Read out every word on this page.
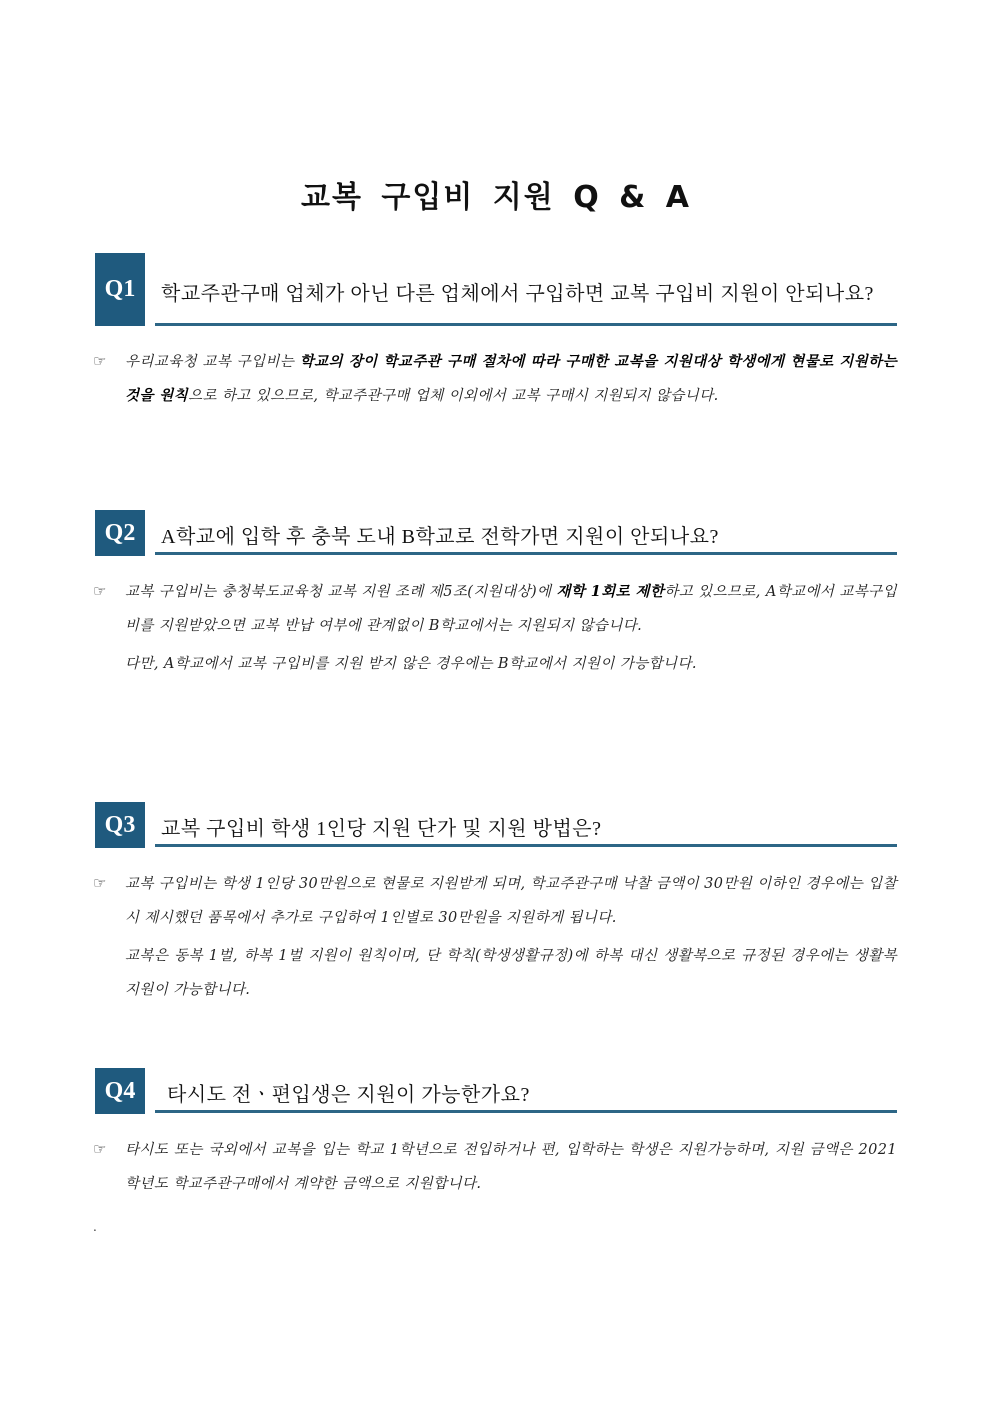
교복 구입비 지원 Q & A
Q1	학교주관구매 업체가 아닌 다른 업체에서 구입하면 교복 구입비 지원이 안되나요?
☞	우리교육청 교복 구입비는 학교의 장이 학교주관 구매 절차에 따라 구매한 교복을 지원대상 학생에게 현물로 지원하는 것을 원칙으로 하고 있으므로, 학교주관구매 업체 이외에서 교복 구매시 지원되지 않습니다.
Q2	A학교에 입학 후 충북 도내 B학교로 전학가면 지원이 안되나요?
☞	교복 구입비는 충청북도교육청 교복 지원 조례 제5조(지원대상)에 재학 1회로 제한하고 있으므로, A학교에서 교복구입비를 지원받았으면 교복 반납 여부에 관계없이 B학교에서는 지원되지 않습니다.
다만, A학교에서 교복 구입비를 지원 받지 않은 경우에는 B학교에서 지원이 가능합니다.
Q3	교복 구입비 학생 1인당 지원 단가 및 지원 방법은?
☞	교복 구입비는 학생 1인당 30만원으로 현물로 지원받게 되며, 학교주관구매 낙찰 금액이 30만원 이하인 경우에는 입찰 시 제시했던 품목에서 추가로 구입하여 1인별로 30만원을 지원하게 됩니다.
교복은 동복 1벌, 하복 1벌 지원이 원칙이며, 단 학칙(학생생활규정)에 하복 대신 생활복으로 규정된 경우에는 생활복 지원이 가능합니다.
Q4	타시도 전ㆍ편입생은 지원이 가능한가요?
☞	타시도 또는 국외에서 교복을 입는 학교 1학년으로 전입하거나 편, 입학하는 학생은 지원가능하며, 지원 금액은 2021학년도 학교주관구매에서 계약한 금액으로 지원합니다.
.
